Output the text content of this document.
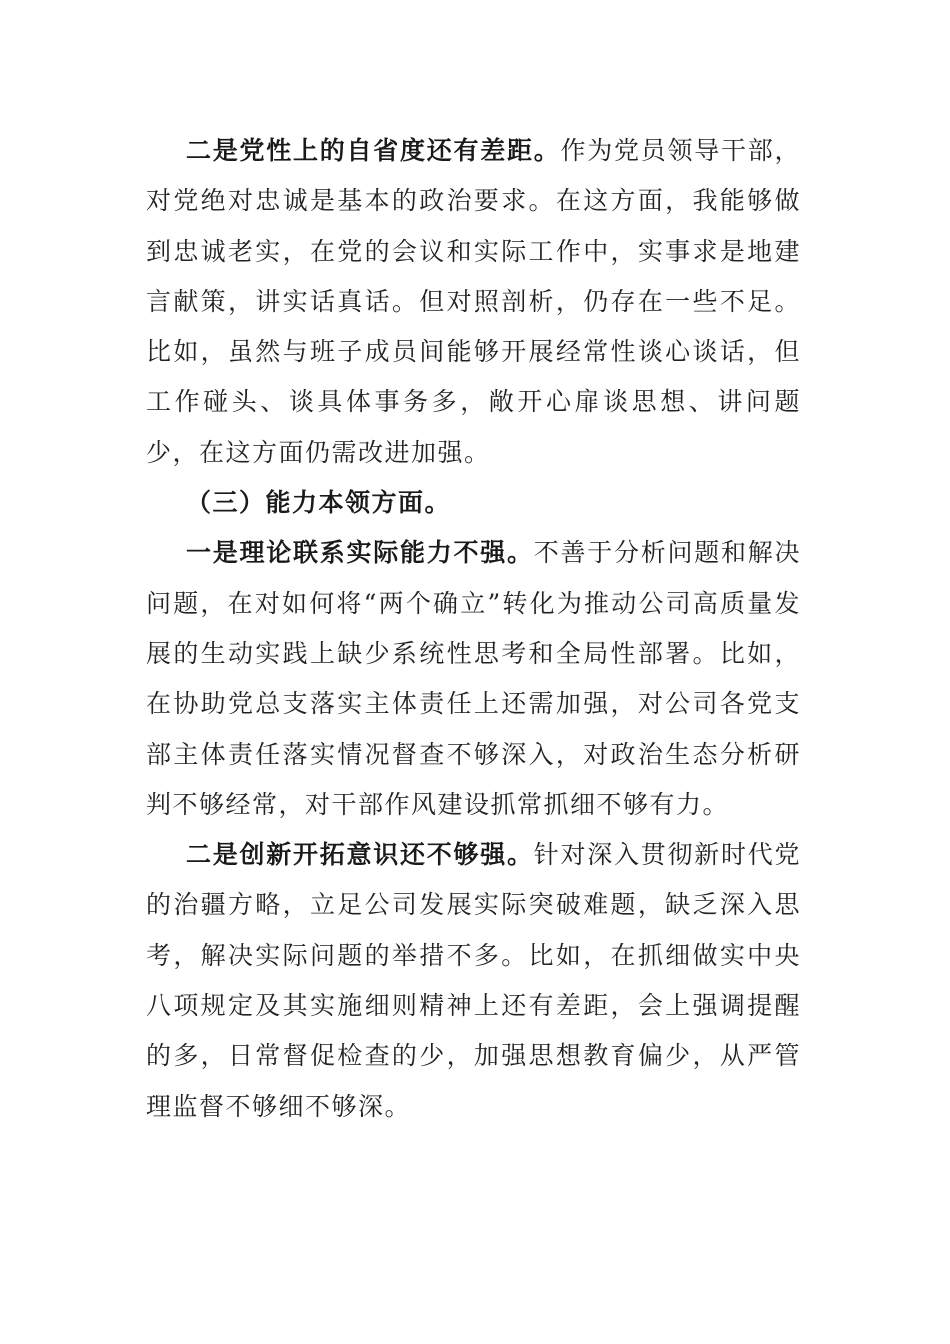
二是党性上的自省度还有差距。作为党员领导干部，对党绝对忠诚是基本的政治要求。在这方面，我能够做到忠诚老实，在党的会议和实际工作中，实事求是地建言献策，讲实话真话。但对照剖析，仍存在一些不足。比如，虽然与班子成员间能够开展经常性谈心谈话，但工作碰头、谈具体事务多，敞开心扉谈思想、讲问题少，在这方面仍需改进加强。

（三）能力本领方面。

一是理论联系实际能力不强。不善于分析问题和解决问题，在对如何将“两个确立”转化为推动公司高质量发展的生动实践上缺少系统性思考和全局性部署。比如，在协助党总支落实主体责任上还需加强，对公司各党支部主体责任落实情况督查不够深入，对政治生态分析研判不够经常，对干部作风建设抓常抓细不够有力。

二是创新开拓意识还不够强。针对深入贯彻新时代党的治疆方略，立足公司发展实际突破难题，缺乏深入思考，解决实际问题的举措不多。比如，在抓细做实中央八项规定及其实施细则精神上还有差距，会上强调提醒的多，日常督促检查的少，加强思想教育偏少，从严管理监督不够细不够深。
